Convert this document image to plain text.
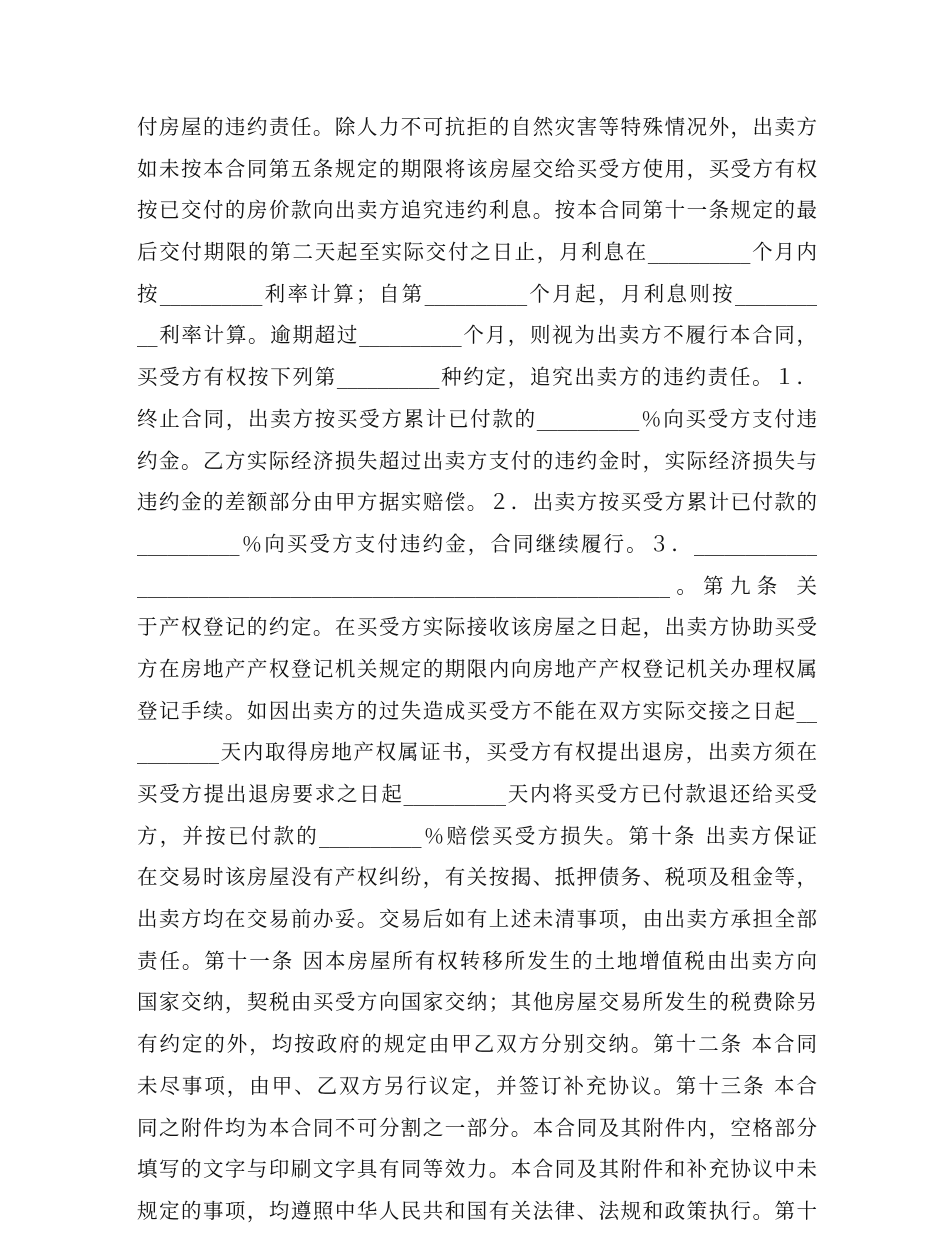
付房屋的违约责任。除人力不可抗拒的自然灾害等特殊情况外，出卖方
如未按本合同第五条规定的期限将该房屋交给买受方使用，买受方有权
按已交付的房价款向出卖方追究违约利息。按本合同第十一条规定的最
后交付期限的第二天起至实际交付之日止，月利息在__________个月内
按__________利率计算；自第__________个月起，月利息则按________
__利率计算。逾期超过__________个月，则视为出卖方不履行本合同，
买受方有权按下列第__________种约定，追究出卖方的违约责任。１．
终止合同，出卖方按买受方累计已付款的__________％向买受方支付违
约金。乙方实际经济损失超过出卖方支付的违约金时，实际经济损失与
违约金的差额部分由甲方据实赔偿。２．出卖方按买受方累计已付款的
__________％向买受方支付违约金，合同继续履行。３．____________
____________________________________________________。第九条 关
于产权登记的约定。在买受方实际接收该房屋之日起，出卖方协助买受
方在房地产产权登记机关规定的期限内向房地产产权登记机关办理权属
登记手续。如因出卖方的过失造成买受方不能在双方实际交接之日起__
________天内取得房地产权属证书，买受方有权提出退房，出卖方须在
买受方提出退房要求之日起__________天内将买受方已付款退还给买受
方，并按已付款的__________％赔偿买受方损失。第十条 出卖方保证
在交易时该房屋没有产权纠纷，有关按揭、抵押债务、税项及租金等，
出卖方均在交易前办妥。交易后如有上述未清事项，由出卖方承担全部
责任。第十一条 因本房屋所有权转移所发生的土地增值税由出卖方向
国家交纳，契税由买受方向国家交纳；其他房屋交易所发生的税费除另
有约定的外，均按政府的规定由甲乙双方分别交纳。第十二条 本合同
未尽事项，由甲、乙双方另行议定，并签订补充协议。第十三条 本合
同之附件均为本合同不可分割之一部分。本合同及其附件内，空格部分
填写的文字与印刷文字具有同等效力。本合同及其附件和补充协议中未
规定的事项，均遵照中华人民共和国有关法律、法规和政策执行。第十
